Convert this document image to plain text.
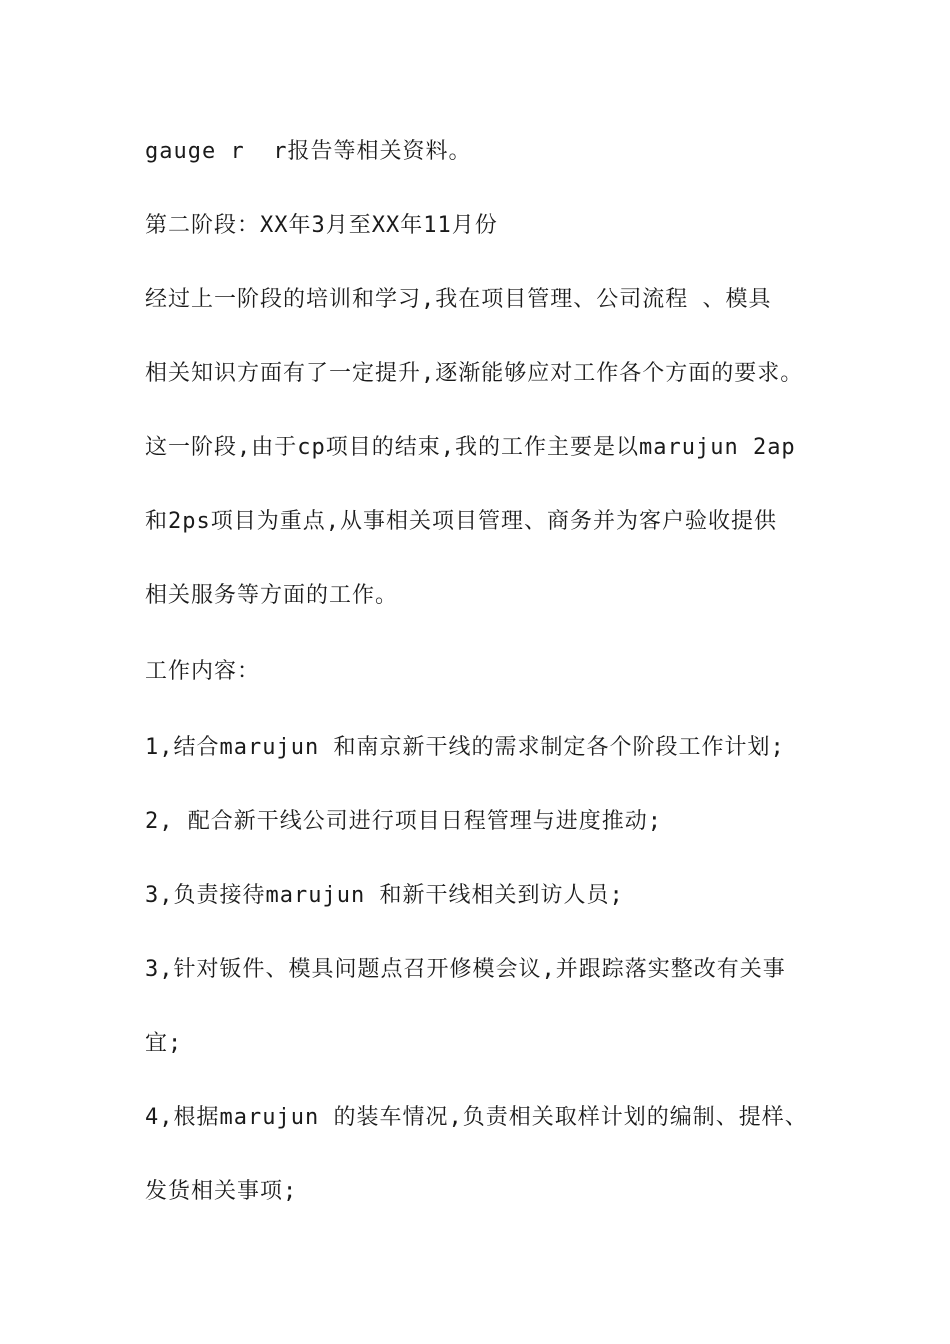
gauge r  r报告等相关资料。
第二阶段：XX年3月至XX年11月份
经过上一阶段的培训和学习,我在项目管理、公司流程 、模具
相关知识方面有了一定提升,逐渐能够应对工作各个方面的要求。
这一阶段,由于cp项目的结束,我的工作主要是以marujun 2ap
和2ps项目为重点,从事相关项目管理、商务并为客户验收提供
相关服务等方面的工作。
工作内容：
1,结合marujun 和南京新干线的需求制定各个阶段工作计划;
2, 配合新干线公司进行项目日程管理与进度推动;
3,负责接待marujun 和新干线相关到访人员;
3,针对钣件、模具问题点召开修模会议,并跟踪落实整改有关事
宜;
4,根据marujun 的装车情况,负责相关取样计划的编制、提样、
发货相关事项;
